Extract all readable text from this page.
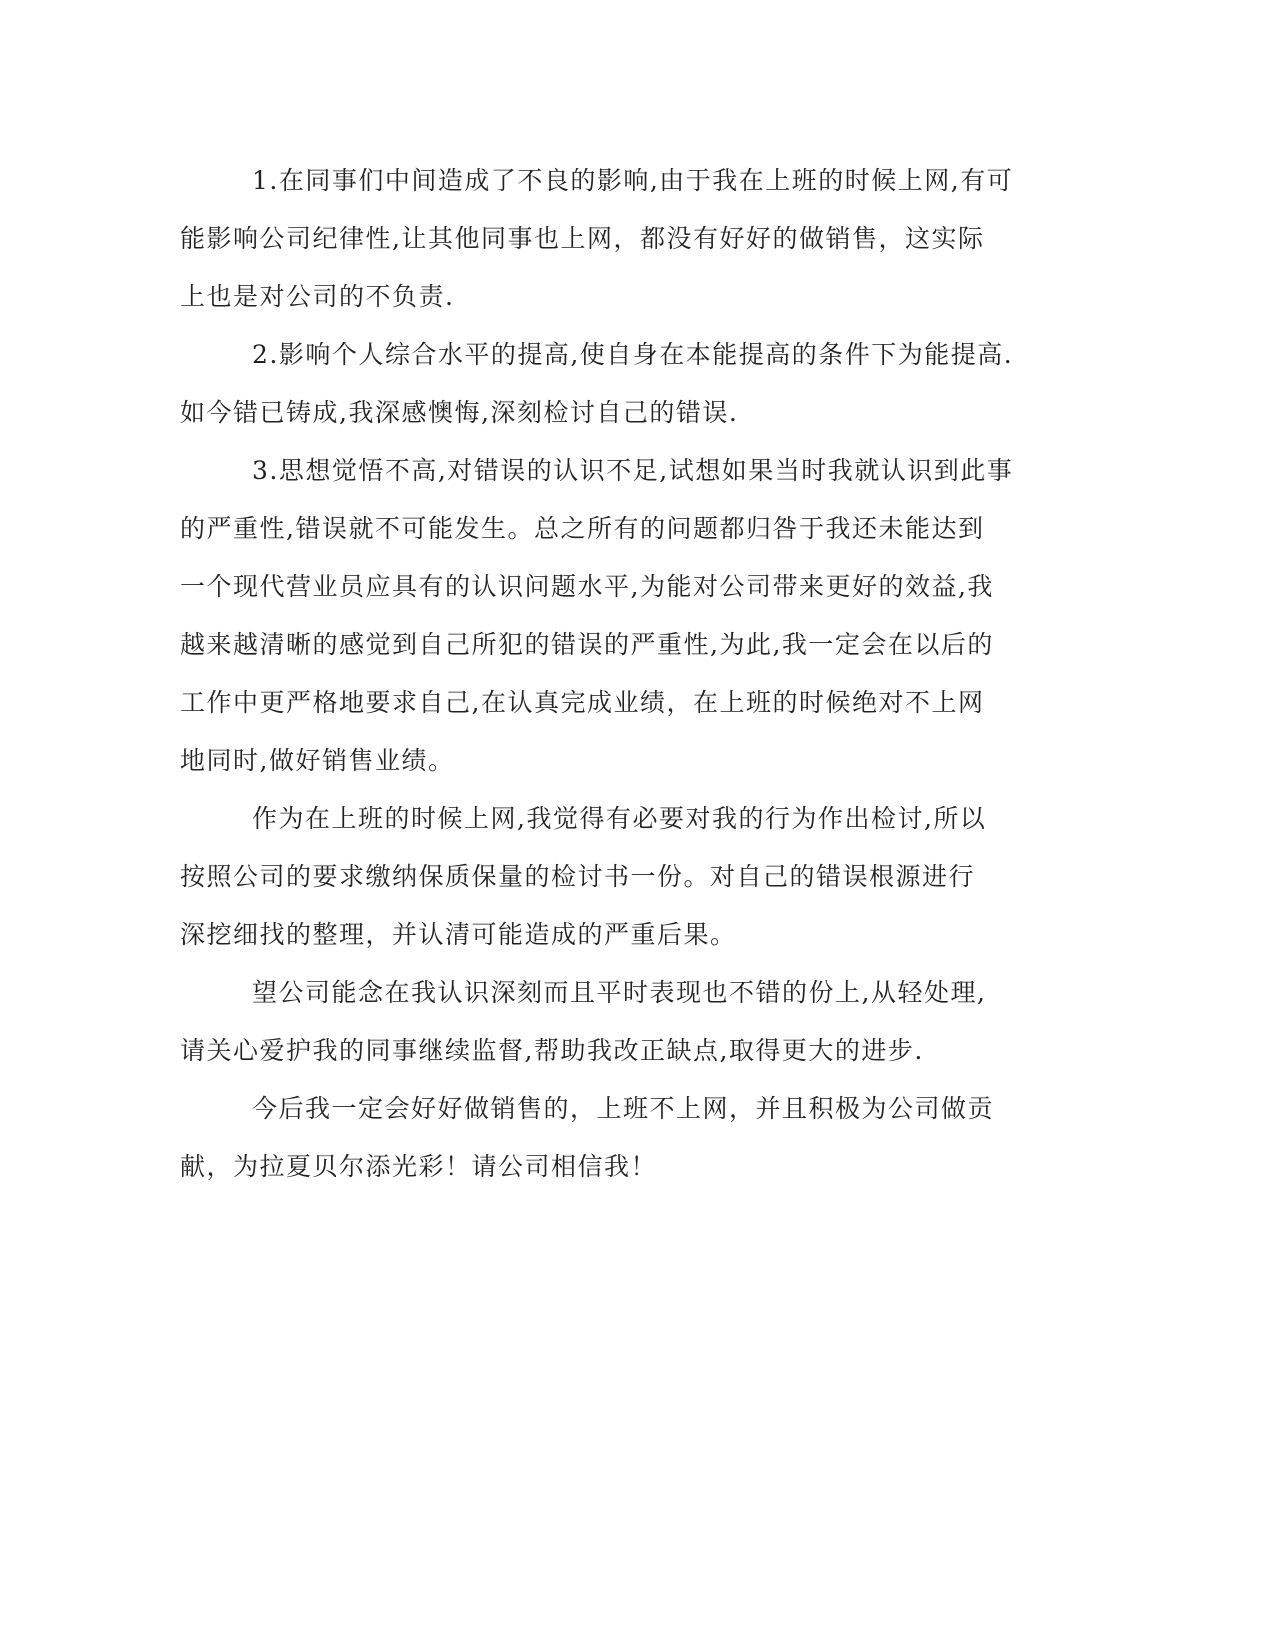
1.在同事们中间造成了不良的影响,由于我在上班的时候上网,有可
能影响公司纪律性,让其他同事也上网，都没有好好的做销售，这实际
上也是对公司的不负责.
2.影响个人综合水平的提高,使自身在本能提高的条件下为能提高.
如今错已铸成,我深感懊悔,深刻检讨自己的错误.
3.思想觉悟不高,对错误的认识不足,试想如果当时我就认识到此事
的严重性,错误就不可能发生。总之所有的问题都归咎于我还未能达到
一个现代营业员应具有的认识问题水平,为能对公司带来更好的效益,我
越来越清晰的感觉到自己所犯的错误的严重性,为此,我一定会在以后的
工作中更严格地要求自己,在认真完成业绩，在上班的时候绝对不上网
地同时,做好销售业绩。
作为在上班的时候上网,我觉得有必要对我的行为作出检讨,所以
按照公司的要求缴纳保质保量的检讨书一份。对自己的错误根源进行
深挖细找的整理，并认清可能造成的严重后果。
望公司能念在我认识深刻而且平时表现也不错的份上,从轻处理,
请关心爱护我的同事继续监督,帮助我改正缺点,取得更大的进步.
今后我一定会好好做销售的，上班不上网，并且积极为公司做贡
献，为拉夏贝尔添光彩！请公司相信我！
